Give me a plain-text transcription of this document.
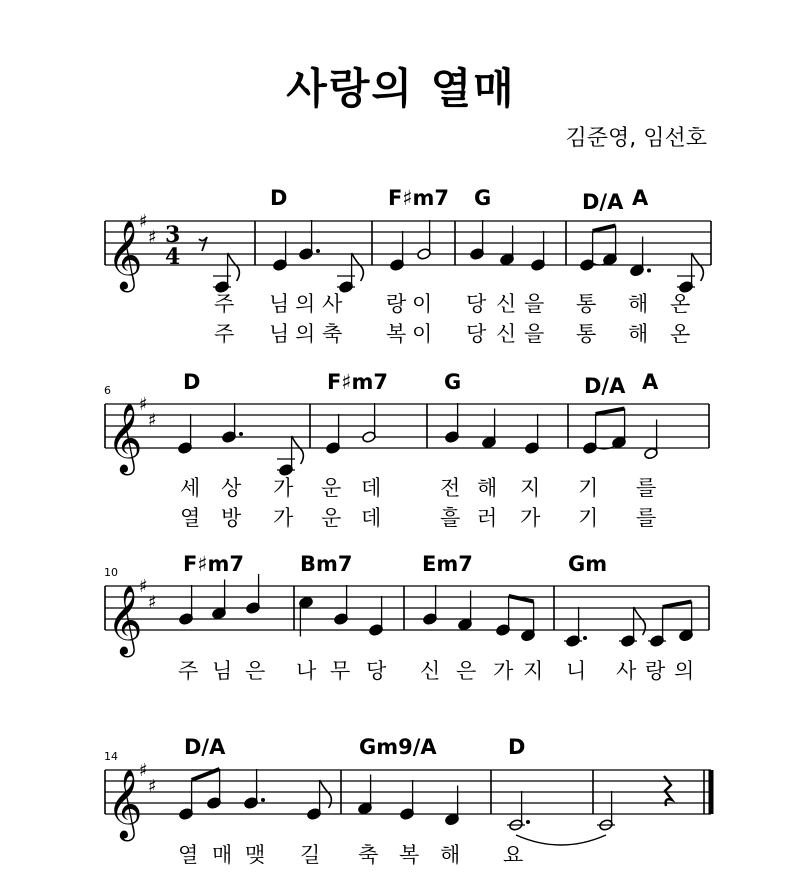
사랑의 열매
김준영, 임선호
𝄞
♯
♯ 3
4
𝄞
♯
♯
𝄞
♯
♯
𝄞
♯
♯
D	F♯m7 G	D/A A
주 님 의 사 랑 이 당 신 을 통 해 온
주 님 의 축 복 이 당 신 을 통 해 온
6	D	F♯m7	G	D/A A
세 상 가 운 데	전 해 지 기 를
열 방 가 운 데	흘 러 가 기 를
10	F♯m7	Bm7	Em7	Gm
주 님 은 나 무 당 신 은 가 지 니 사 랑 의
14	D/A	Gm9/A	D
열 매 맺 길 축 복 해 요
